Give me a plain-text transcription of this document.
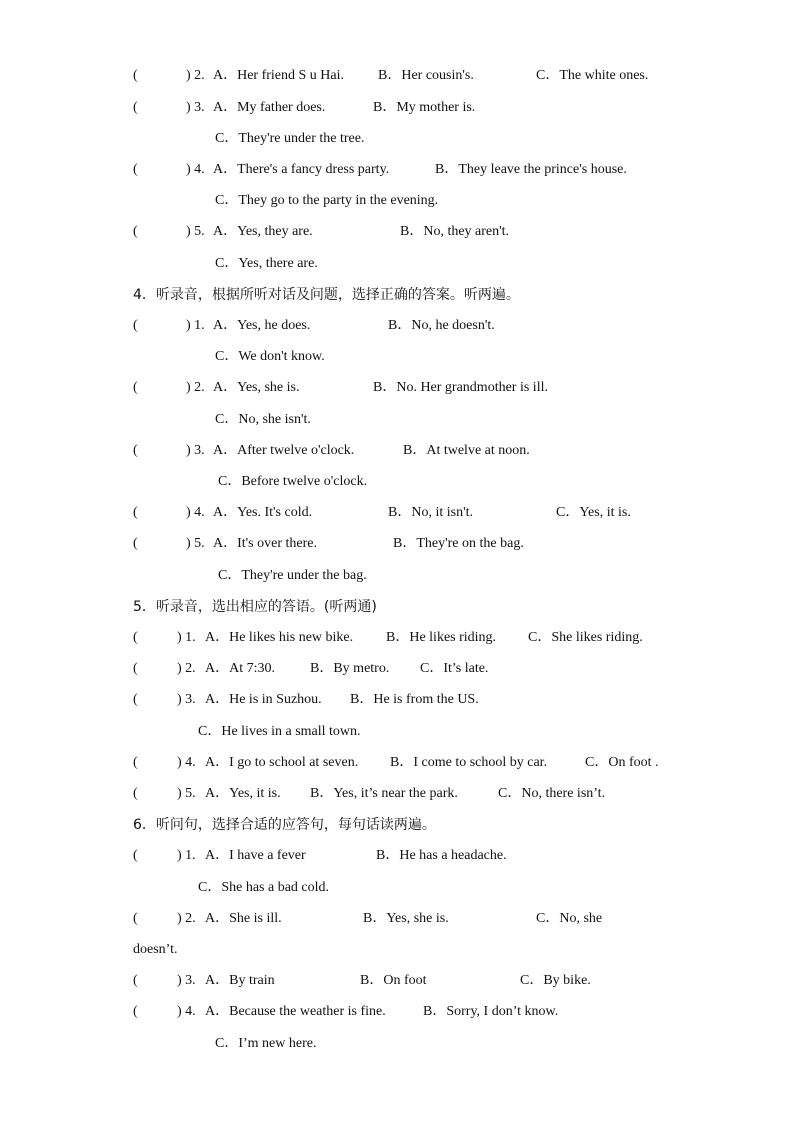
(	) 2. A．Her friend S u Hai. B．Her cousin's.	C．The white ones.
(	) 3. A．My father does.	B．My mother is.
C．They're under the tree.
(	) 4. A．There's a fancy dress party.	B．They leave the prince's house.
C．They go to the party in the evening.
(	) 5. A．Yes, they are.	B．No, they aren't.
C．Yes, there are.
4．听录音，根据所听对话及问题，选择正确的答案。听两遍。
(	) 1. A．Yes, he does.	B．No, he doesn't.
C．We don't know.
(	) 2. A．Yes, she is.	B．No. Her grandmother is ill.
C．No, she isn't.
(	) 3. A．After twelve o'clock.	B．At twelve at noon.
C．Before twelve o'clock.
(	) 4. A．Yes. It's cold.	B．No, it isn't.	C．Yes, it is.
(	) 5. A．It's over there.	B．They're on the bag.
C．They're under the bag.
5．听录音，选出相应的答语。(听两通)
(	) 1. A．He likes his new bike. B．He likes riding. C．She likes riding.
(	) 2. A．At 7:30.	B．By metro. C．It’s late.
(	) 3. A．He is in Suzhou. B．He is from the US.
C．He lives in a small town.
(	) 4. A．I go to school at seven. B．I come to school by car.	C．On foot .
(	) 5. A．Yes, it is. B．Yes, it’s near the park.	C．No, there isn’t.
6．听问句，选择合适的应答句，每句话读两遍。
(	) 1. A．I have a fever	B．He has a headache.
C．She has a bad cold.
(	) 2. A．She is ill.	B．Yes, she is.	C．No, she
doesn’t.
(	) 3. A．By train	B．On foot	C．By bike.
(	) 4. A．Because the weather is fine.	B．Sorry, I don’t know.
C．I’m new here.
